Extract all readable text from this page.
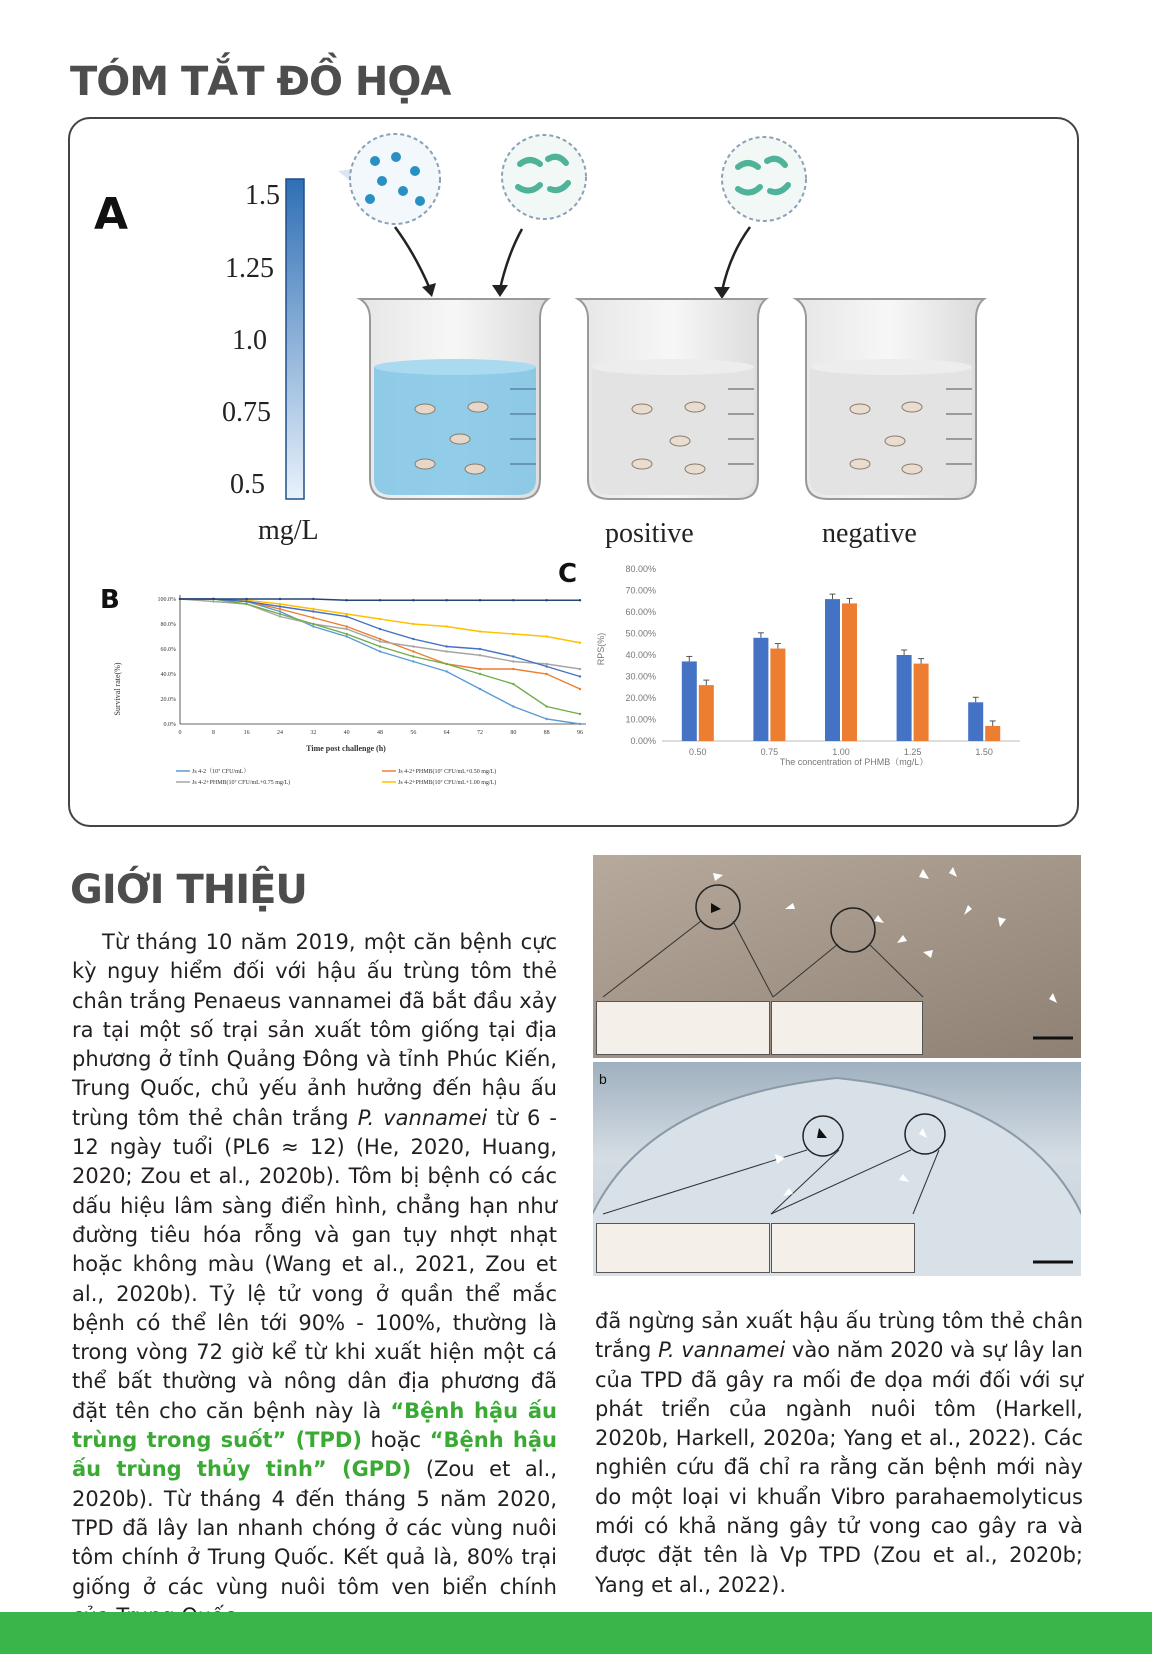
TÓM TẮT ĐỒ HỌA
A	1.5
1.25
1.0
0.75
0.5
mg/L	positive	negative
B
Survival rate(%)
Time post challenge (h)
Js 4-2（10⁷ CFU/mL）	Js 4-2+PHMB(10⁷ CFU/mL+0.50 mg/L)
Js 4-2+PHMB(10⁷ CFU/mL+0.75 mg/L)	Js 4-2+PHMB(10⁷ CFU/mL+1.00 mg/L)
0.0%
20.0%
40.0%
60.0%
80.0%
100.0%
0	8	16	24	32	40	48	56	64	72	80	88	96
C
RPS(%)
The concentration of PHMB（mg/L）
0.00%
10.00%
20.00%
30.00%
40.00%
50.00%
60.00%
70.00%
80.00%
0.50	0.75	1.00	1.25	1.50
GIỚI THIỆU

Từ tháng 10 năm 2019, một căn bệnh cực kỳ nguy hiểm đối với hậu ấu trùng tôm thẻ chân trắng Penaeus vannamei đã bắt đầu xảy ra tại một số trại sản xuất tôm giống tại địa phương ở tỉnh Quảng Đông và tỉnh Phúc Kiến, Trung Quốc, chủ yếu ảnh hưởng đến hậu ấu trùng tôm thẻ chân trắng P. vannamei từ 6 - 12 ngày tuổi (PL6 ≈ 12) (He, 2020, Huang, 2020; Zou et al., 2020b). Tôm bị bệnh có các dấu hiệu lâm sàng điển hình, chẳng hạn như đường tiêu hóa rỗng và gan tụy nhợt nhạt hoặc không màu (Wang et al., 2021, Zou et al., 2020b). Tỷ lệ tử vong ở quần thể mắc bệnh có thể lên tới 90% - 100%, thường là trong vòng 72 giờ kể từ khi xuất hiện một cá thể bất thường và nông dân địa phương đã đặt tên cho căn bệnh này là “Bệnh hậu ấu trùng trong suốt” (TPD) hoặc “Bệnh hậu ấu trùng thủy tinh” (GPD) (Zou et al., 2020b). Từ tháng 4 đến tháng 5 năm 2020, TPD đã lây lan nhanh chóng ở các vùng nuôi tôm chính ở Trung Quốc. Kết quả là, 80% trại giống ở các vùng nuôi tôm ven biển chính

b

đã ngừng sản xuất hậu ấu trùng tôm thẻ chân trắng P. vannamei vào năm 2020 và sự lây lan của TPD đã gây ra mối đe dọa mới đối với sự phát triển của ngành nuôi tôm (Harkell, 2020b, Harkell, 2020a; Yang et al., 2022). Các nghiên cứu đã chỉ ra rằng căn bệnh mới này do một loại vi khuẩn Vibro parahaemolyticus mới có khả năng gây tử vong cao gây ra và được đặt tên là Vp TPD (Zou et al., 2020b; Yang et al., 2022).
